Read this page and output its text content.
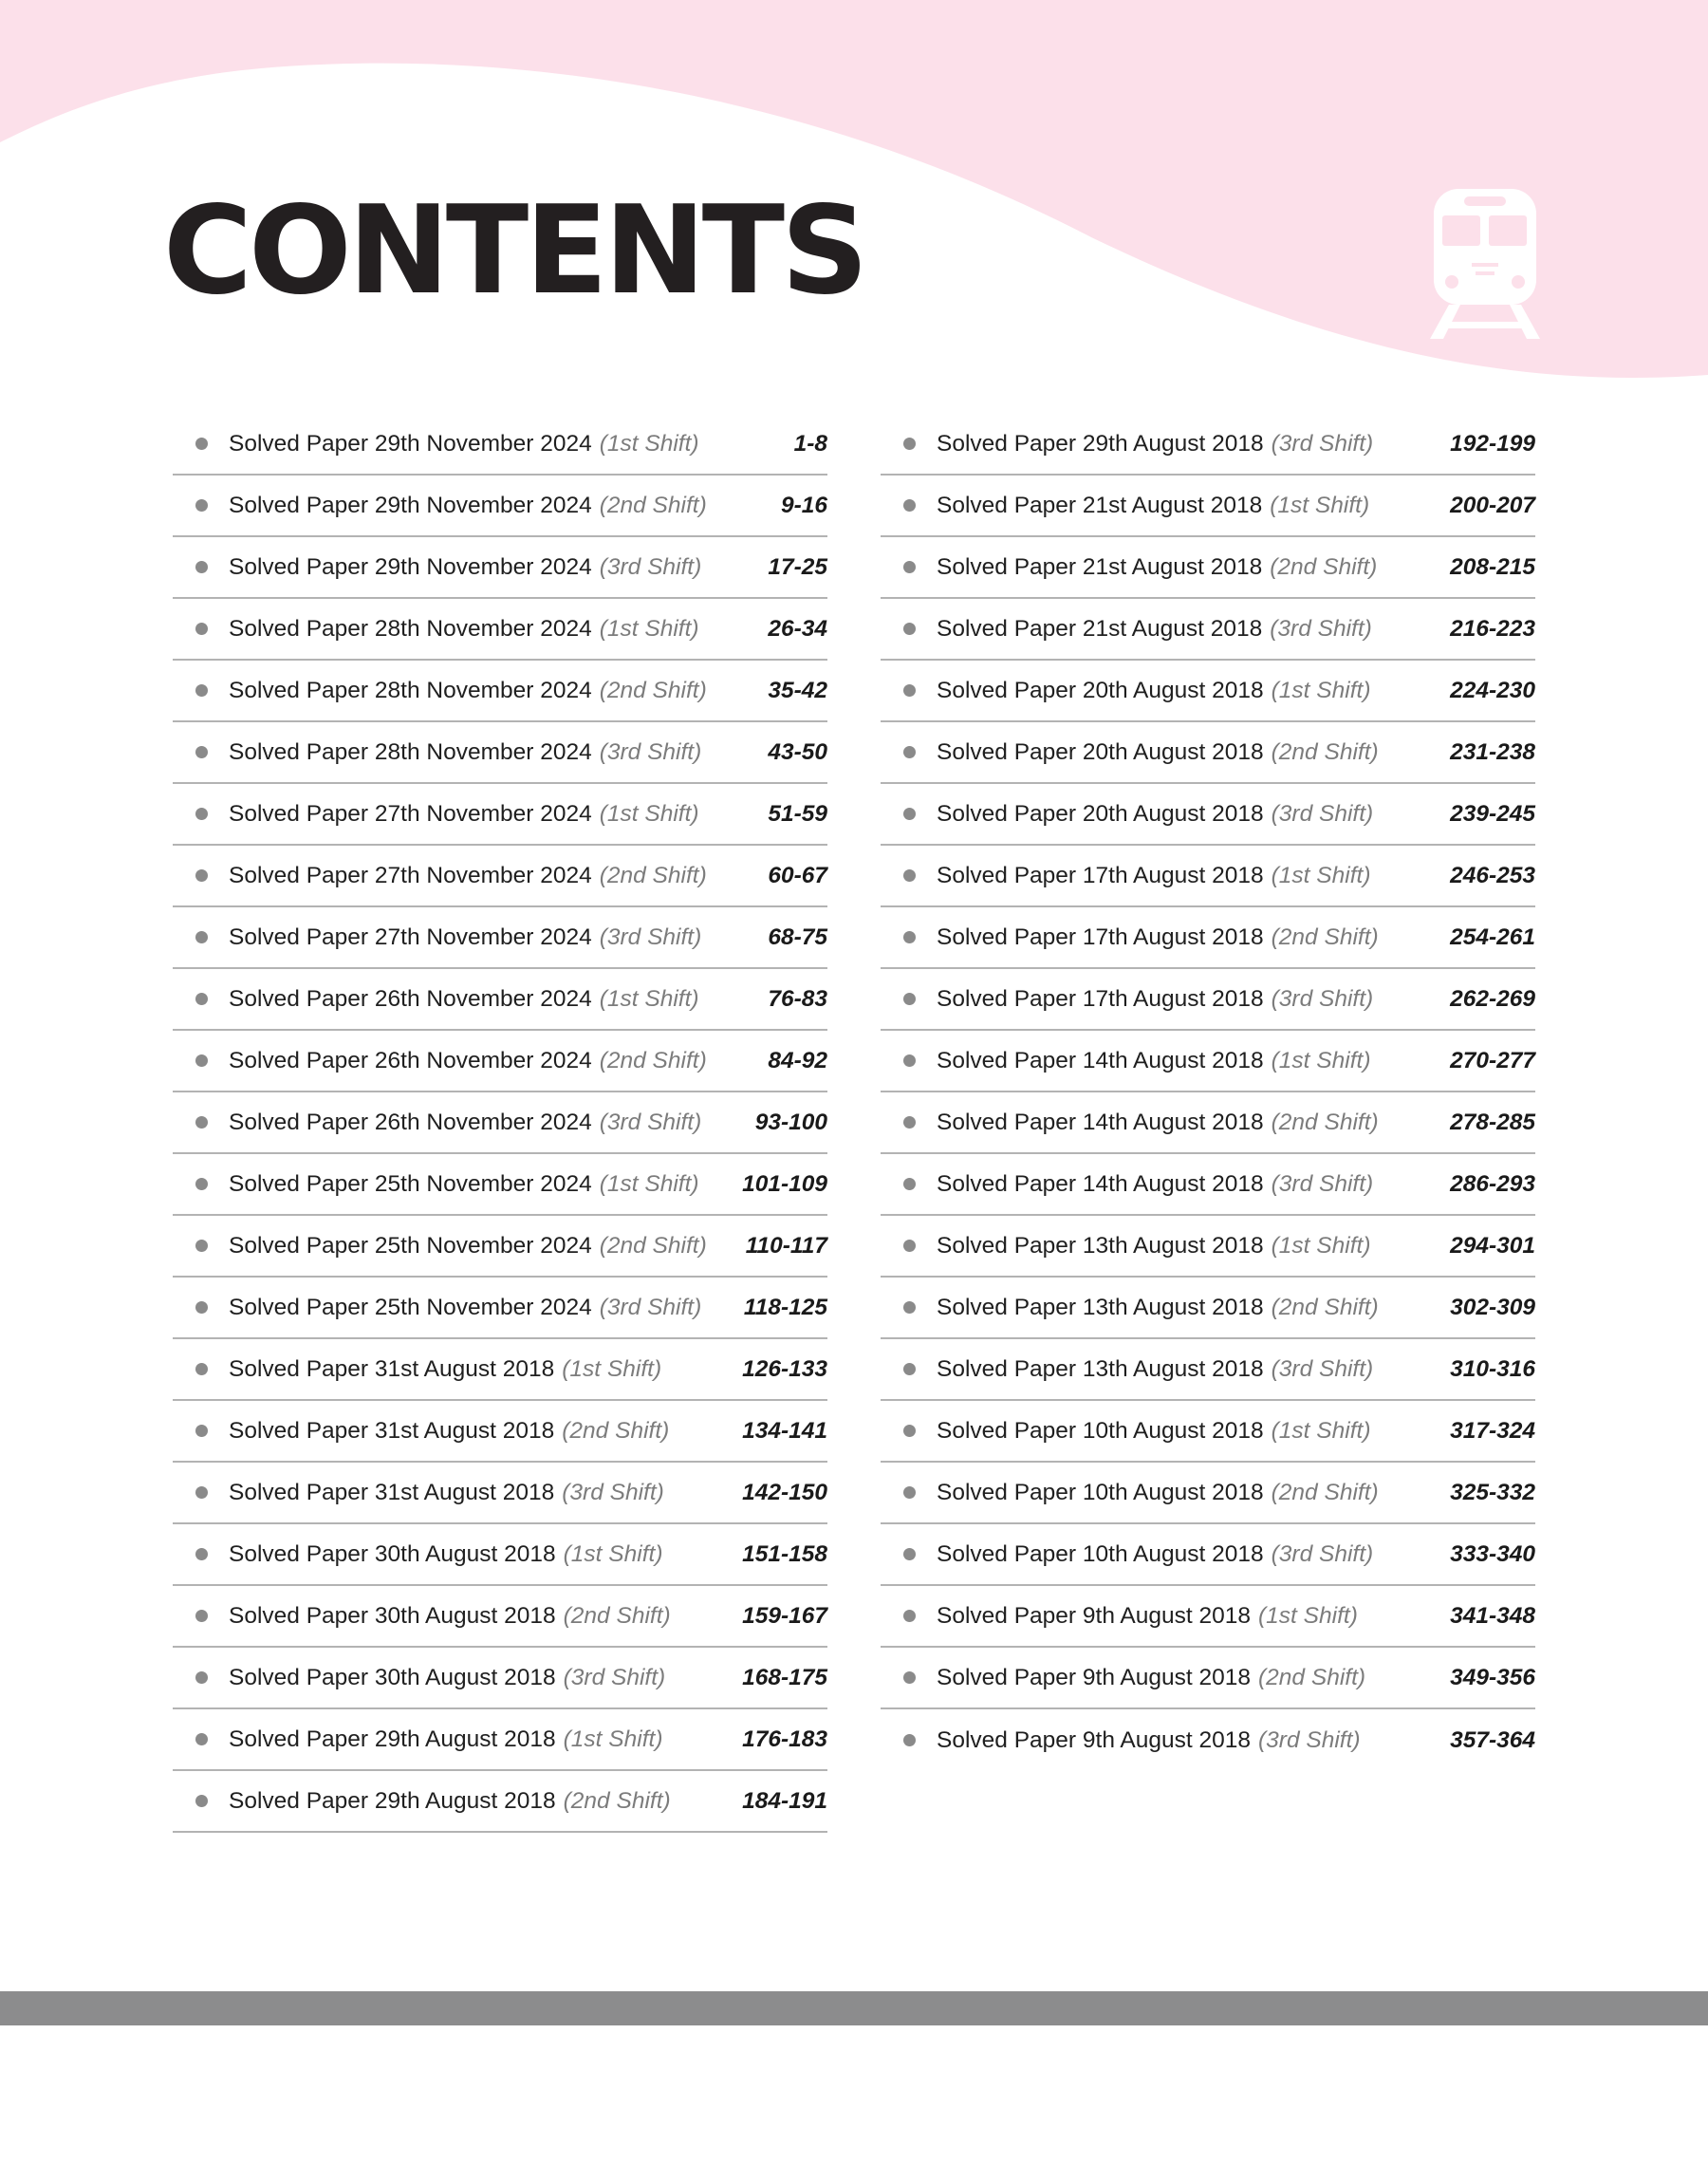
CONTENTS
Solved Paper 29th November 2024 (1st Shift)	1-8
Solved Paper 29th November 2024 (2nd Shift)	9-16
Solved Paper 29th November 2024 (3rd Shift)	17-25
Solved Paper 28th November 2024 (1st Shift)	26-34
Solved Paper 28th November 2024 (2nd Shift)	35-42
Solved Paper 28th November 2024 (3rd Shift)	43-50
Solved Paper 27th November 2024 (1st Shift)	51-59
Solved Paper 27th November 2024 (2nd Shift)	60-67
Solved Paper 27th November 2024 (3rd Shift)	68-75
Solved Paper 26th November 2024 (1st Shift)	76-83
Solved Paper 26th November 2024 (2nd Shift)	84-92
Solved Paper 26th November 2024 (3rd Shift) 93-100
Solved Paper 25th November 2024 (1st Shift) 101-109
Solved Paper 25th November 2024 (2nd Shift) 110-117
Solved Paper 25th November 2024 (3rd Shift) 118-125
Solved Paper 31st August 2018 (1st Shift)	126-133
Solved Paper 31st August 2018 (2nd Shift)	134-141
Solved Paper 31st August 2018 (3rd Shift)	142-150
Solved Paper 30th August 2018 (1st Shift)	151-158
Solved Paper 30th August 2018 (2nd Shift)	159-167
Solved Paper 30th August 2018 (3rd Shift)	168-175
Solved Paper 29th August 2018 (1st Shift)	176-183
Solved Paper 29th August 2018 (2nd Shift)	184-191
Solved Paper 29th August 2018 (3rd Shift)	192-199
Solved Paper 21st August 2018 (1st Shift)	200-207
Solved Paper 21st August 2018 (2nd Shift)	208-215
Solved Paper 21st August 2018 (3rd Shift)	216-223
Solved Paper 20th August 2018 (1st Shift)	224-230
Solved Paper 20th August 2018 (2nd Shift)	231-238
Solved Paper 20th August 2018 (3rd Shift)	239-245
Solved Paper 17th August 2018 (1st Shift)	246-253
Solved Paper 17th August 2018 (2nd Shift)	254-261
Solved Paper 17th August 2018 (3rd Shift)	262-269
Solved Paper 14th August 2018 (1st Shift)	270-277
Solved Paper 14th August 2018 (2nd Shift)	278-285
Solved Paper 14th August 2018 (3rd Shift)	286-293
Solved Paper 13th August 2018 (1st Shift)	294-301
Solved Paper 13th August 2018 (2nd Shift)	302-309
Solved Paper 13th August 2018 (3rd Shift)	310-316
Solved Paper 10th August 2018 (1st Shift)	317-324
Solved Paper 10th August 2018 (2nd Shift)	325-332
Solved Paper 10th August 2018 (3rd Shift)	333-340
Solved Paper 9th August 2018 (1st Shift)	341-348
Solved Paper 9th August 2018 (2nd Shift)	349-356
Solved Paper 9th August 2018 (3rd Shift)	357-364
